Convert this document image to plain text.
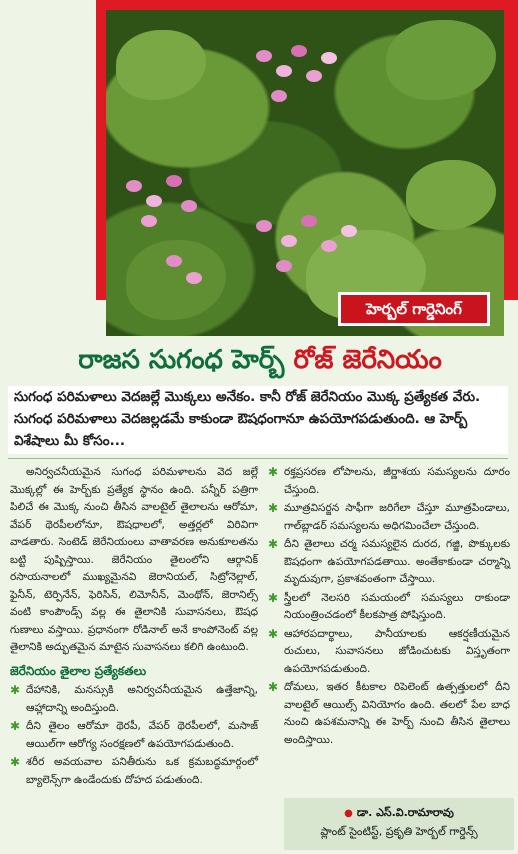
హెర్బల్ గార్డెనింగ్
రాజస సుగంధ హెర్బ్ రోజ్ జెరేనియం
సుగంధ పరిమళాలు వెదజల్లే మొక్కలు అనేకం. కానీ రోజ్ జెరేనియం మొక్క ప్రత్యేకత వేరు. సుగంధ పరిమళాలు వెదజల్లడమే కాకుండా ఔషధంగానూ ఉపయోగపడుతుంది. ఆ హెర్బ్ విశేషాలు మీ కోసం...

అనిర్వచనీయమైన సుగంధ పరిమళాలను వెద జల్లే మొక్కల్లో ఈ హెర్బ్‌కు ప్రత్యేక స్థానం ఉంది. పన్నీర్ పత్రిగా పిలిచే ఈ మొక్క నుంచి తీసిన వాలటైల్ తైలాలను ఆరోమా, వేపర్ థెరపీలలోనూ, ఔషధాలలో, అత్తర్లలో విరివిగా వాడతారు. సెంటెడ్ జెరేనియంలు వాతావరణ అనుకూలతను బట్టి పుష్పిస్తాయి. జెరేనియం తైలంలోని ఆర్గానిక్ రసాయనాలలో ముఖ్యమైనవి జెరానియల్, సిట్రోనెల్లాల్, ఫైనీన్, టెర్పినేన్, ఫెరిసిన్, లిమోనీన్, మెంథోన్, జెరానిల్స్ వంటి కాంపౌండ్స్ వల్ల ఈ తైలానికి సువాసనలు, ఔషధ గుణాలు వస్తాయి. ప్రధానంగా రోడినాల్ అనే కాంపోనెంట్ వల్ల తైలానికి అద్భుతమైన మాటైన సువాసనలు కలిగి ఉంటుంది.

జెరేనియం తైలాల ప్రత్యేకతలు
✱ దేహానికి, మనస్సుకి అనిర్వచనీయమైన ఉత్తేజాన్ని, ఆహ్లాదాన్ని అందిస్తుంది.
✱ దీని తైలం ఆరోమా థెరపీ, వేపర్ థెరపీలలో, మసాజ్ ఆయిల్‌గా ఆరోగ్య సంరక్షణలో ఉపయోగపడుతుంది.
✱ శరీర అవయవాల పనితీరును ఒక క్రమబద్ధమార్గంలో బ్యాలెన్స్‌గా ఉండేందుకు దోహద పడుతుంది.
✱ రక్తప్రసరణ లోపాలను, జీర్ణాశయ సమస్యలను దూరం చేస్తుంది.
✱ మూత్రవిసర్జన సాఫీగా జరిగేలా చేస్తూ మూత్రపిండాలు, గాల్‌బ్లాడర్ సమస్యలను అధిగమించేలా చేస్తుంది.
✱ దీని తైలాలు చర్మ సమస్యలైన దురద, గజ్జి, పొక్కులకు ఔషధంగా ఉపయోగపడతాయి. అంతేకాకుండా చర్మాన్ని మృదువుగా, ప్రకాశవంతంగా చేస్తాయి.
✱ స్త్రీలలో నెలసరి సమయంలో సమస్యలు రాకుండా నియంత్రించడంలో కీలకపాత్ర పోషిస్తుంది.
✱ ఆహారపదార్థాలు, పానీయాలకు ఆకర్షణీయమైన రుచులు, సువాసనలు జోడించుటకు విస్తృతంగా ఉపయోగపడుతుంది.
✱ దోమలు, ఇతర కీటకాల రిపెలెంట్ ఉత్పత్తులలో దీని వాలటైల్ ఆయిల్స్ వినియోగం ఉంది. తలలో పేల బాధ నుంచి ఉపశమనాన్ని ఈ హెర్బ్ నుంచి తీసిన తైలాలు అందిస్తాయి.
● డా. ఎస్.వి.రామారావు
ప్లాంట్ సైంటిస్ట్, ప్రకృతి హెర్బల్ గార్డెన్స్
